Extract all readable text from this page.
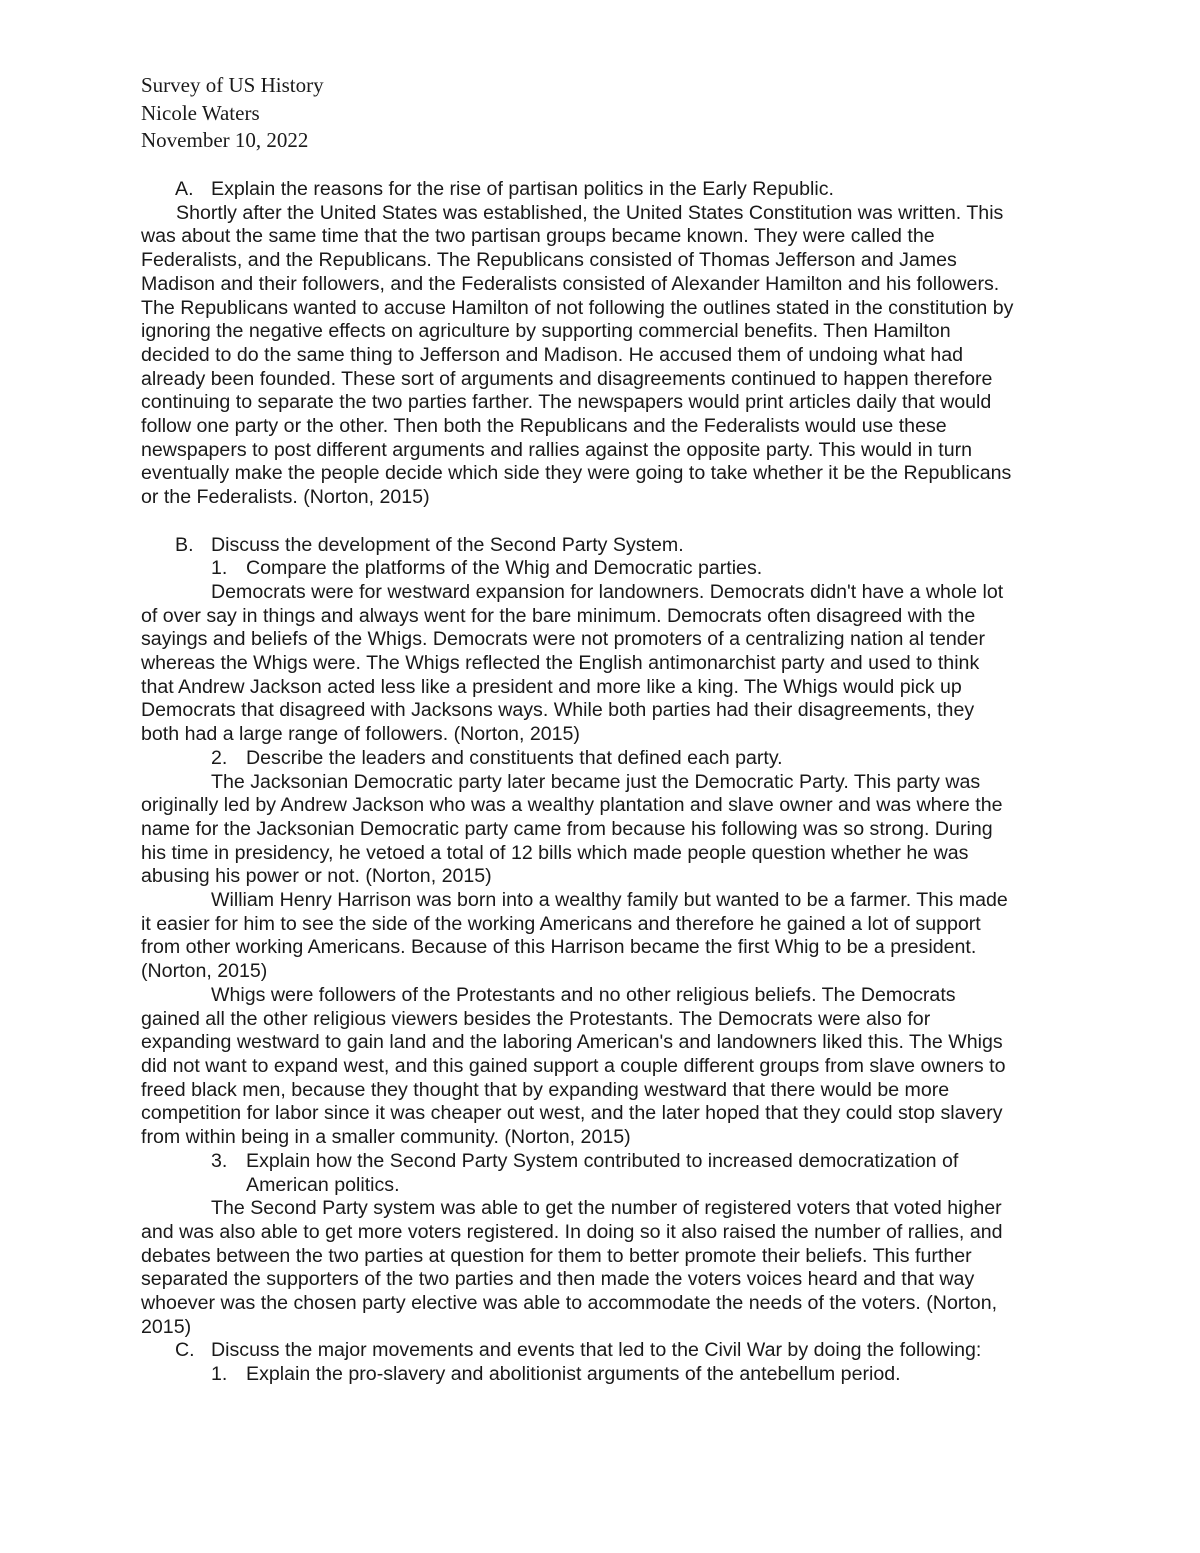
Survey of US History
Nicole Waters
November 10, 2022
A. Explain the reasons for the rise of partisan politics in the Early Republic.
Shortly after the United States was established, the United States Constitution was written. This
was about the same time that the two partisan groups became known. They were called the
Federalists, and the Republicans. The Republicans consisted of Thomas Jefferson and James
Madison and their followers, and the Federalists consisted of Alexander Hamilton and his followers.
The Republicans wanted to accuse Hamilton of not following the outlines stated in the constitution by
ignoring the negative effects on agriculture by supporting commercial benefits. Then Hamilton
decided to do the same thing to Jefferson and Madison. He accused them of undoing what had
already been founded. These sort of arguments and disagreements continued to happen therefore
continuing to separate the two parties farther. The newspapers would print articles daily that would
follow one party or the other. Then both the Republicans and the Federalists would use these
newspapers to post different arguments and rallies against the opposite party. This would in turn
eventually make the people decide which side they were going to take whether it be the Republicans
or the Federalists. (Norton, 2015)
B. Discuss the development of the Second Party System.
1. Compare the platforms of the Whig and Democratic parties.
Democrats were for westward expansion for landowners. Democrats didn't have a whole lot
of over say in things and always went for the bare minimum. Democrats often disagreed with the
sayings and beliefs of the Whigs. Democrats were not promoters of a centralizing nation al tender
whereas the Whigs were. The Whigs reflected the English antimonarchist party and used to think
that Andrew Jackson acted less like a president and more like a king. The Whigs would pick up
Democrats that disagreed with Jacksons ways. While both parties had their disagreements, they
both had a large range of followers. (Norton, 2015)
2. Describe the leaders and constituents that defined each party.
The Jacksonian Democratic party later became just the Democratic Party. This party was
originally led by Andrew Jackson who was a wealthy plantation and slave owner and was where the
name for the Jacksonian Democratic party came from because his following was so strong. During
his time in presidency, he vetoed a total of 12 bills which made people question whether he was
abusing his power or not. (Norton, 2015)
William Henry Harrison was born into a wealthy family but wanted to be a farmer. This made
it easier for him to see the side of the working Americans and therefore he gained a lot of support
from other working Americans. Because of this Harrison became the first Whig to be a president.
(Norton, 2015)
Whigs were followers of the Protestants and no other religious beliefs. The Democrats
gained all the other religious viewers besides the Protestants. The Democrats were also for
expanding westward to gain land and the laboring American's and landowners liked this. The Whigs
did not want to expand west, and this gained support a couple different groups from slave owners to
freed black men, because they thought that by expanding westward that there would be more
competition for labor since it was cheaper out west, and the later hoped that they could stop slavery
from within being in a smaller community. (Norton, 2015)
3. Explain how the Second Party System contributed to increased democratization of
American politics.
The Second Party system was able to get the number of registered voters that voted higher
and was also able to get more voters registered. In doing so it also raised the number of rallies, and
debates between the two parties at question for them to better promote their beliefs. This further
separated the supporters of the two parties and then made the voters voices heard and that way
whoever was the chosen party elective was able to accommodate the needs of the voters. (Norton,
2015)
C. Discuss the major movements and events that led to the Civil War by doing the following:
1. Explain the pro-slavery and abolitionist arguments of the antebellum period.
